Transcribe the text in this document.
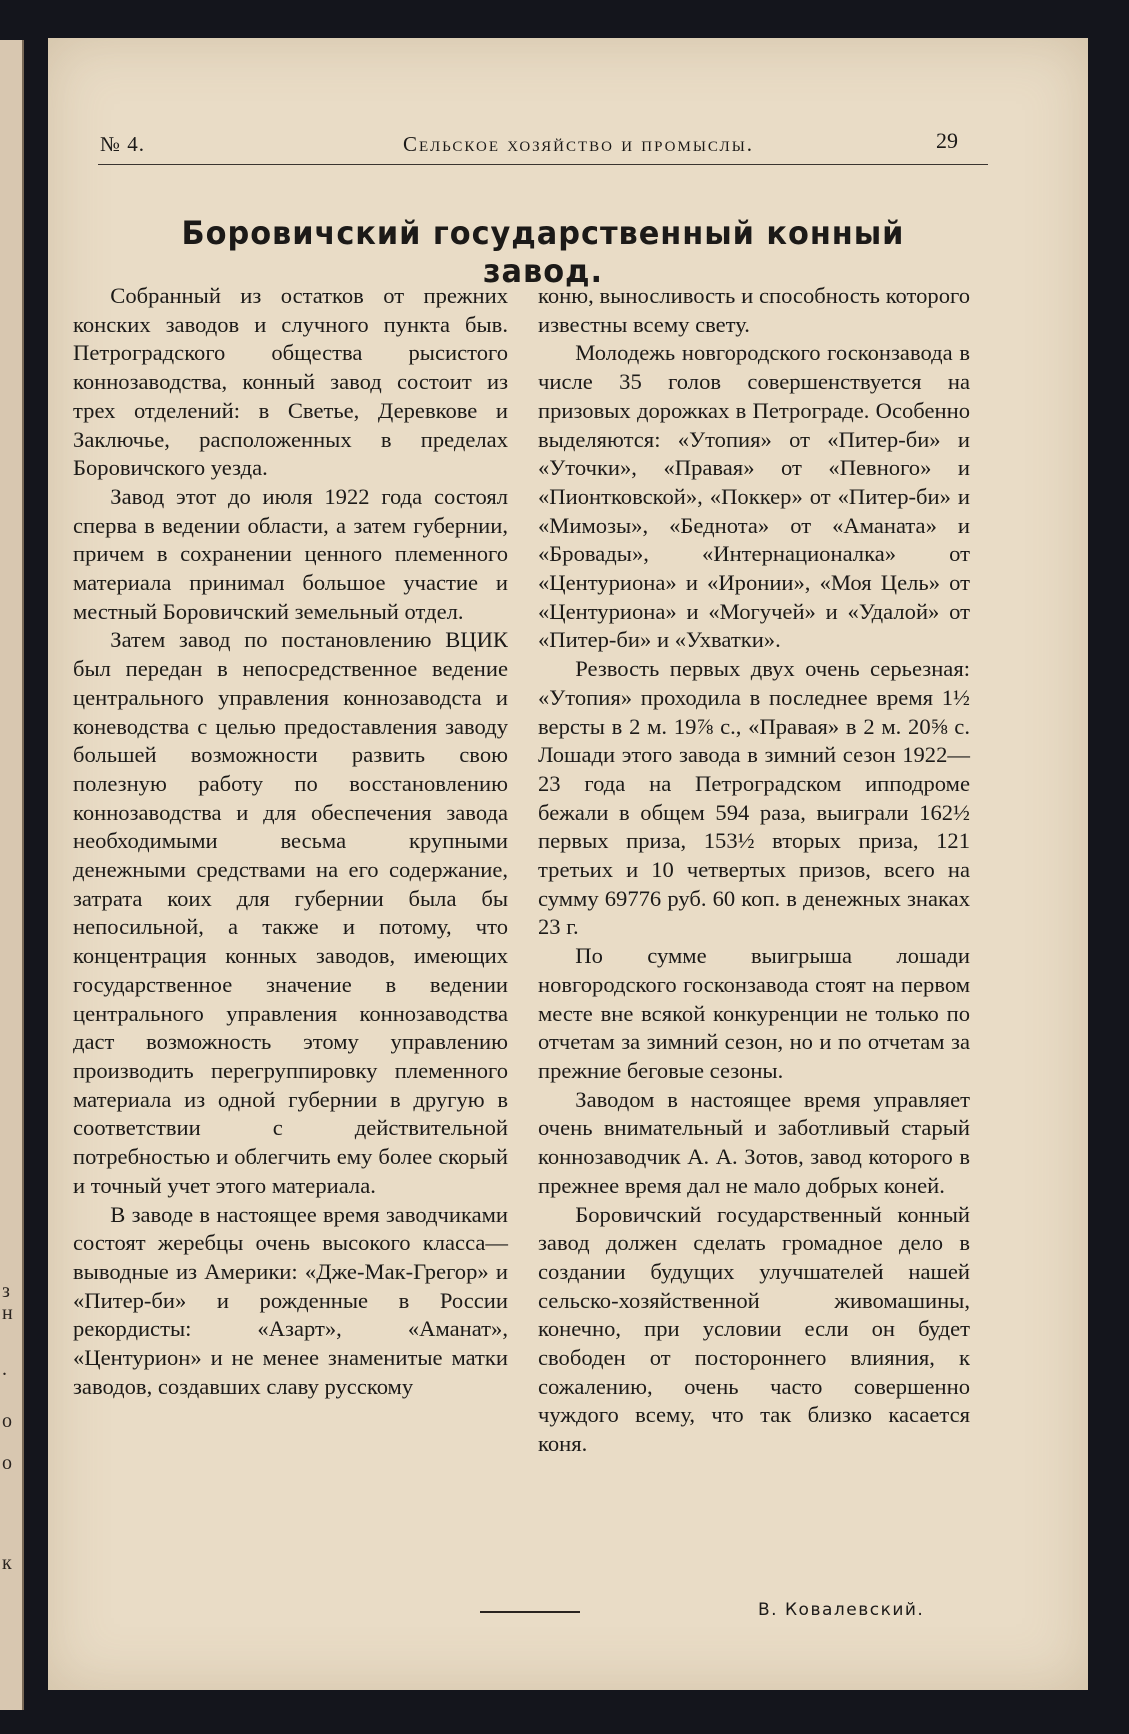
з
н
.
о
о
к
№ 4.	Сельское хозяйство и промыслы.	29
Боровичский государственный конный завод.

Собранный из остатков от прежних конских заводов и случного пункта быв. Петроградского общества рысистого коннозаводства, конный завод состоит из трех отделений: в Светье, Деревкове и Заключье, расположенных в пределах Боровичского уезда.

Завод этот до июля 1922 года состоял сперва в ведении области, а затем губернии, причем в сохранении ценного племенного материала принимал большое участие и местный Боровичский земельный отдел.

Затем завод по постановлению ВЦИК был передан в непосредственное ведение центрального управления коннозаводста и коневодства с целью предоставления заводу большей возможности развить свою полезную работу по восстановлению коннозаводства и для обеспечения завода необходимыми весьма крупными денежными средствами на его содержание, затрата коих для губернии была бы непосильной, а также и потому, что концентрация конных заводов, имеющих государственное значение в ведении центрального управления коннозаводства даст возможность этому управлению производить перегруппировку племенного материала из одной губернии в другую в соответствии с действительной потребностью и облегчить ему более скорый и точный учет этого материала.

В заводе в настоящее время заводчиками состоят жеребцы очень высокого класса—выводные из Америки: «Дже-Мак-Грегор» и «Питер-би» и рожденные в России рекордисты: «Азарт», «Аманат», «Центурион» и не менее знаменитые матки заводов, создавших славу русскому

коню, выносливость и способность которого известны всему свету.

Молодежь новгородского госконзавода в числе 35 голов совершенствуется на призовых дорожках в Петрограде. Особенно выделяются: «Утопия» от «Питер-би» и «Уточки», «Правая» от «Певного» и «Пионтковской», «Поккер» от «Питер-би» и «Мимозы», «Беднота» от «Аманата» и «Бровады», «Интернационалка» от «Центуриона» и «Иронии», «Моя Цель» от «Центуриона» и «Могучей» и «Удалой» от «Питер-би» и «Ухватки».

Резвость первых двух очень серьезная: «Утопия» проходила в последнее время 1½ версты в 2 м. 19⅞ с., «Правая» в 2 м. 20⅝ с. Лошади этого завода в зимний сезон 1922—23 года на Петроградском ипподроме бежали в общем 594 раза, выиграли 162½ первых приза, 153½ вторых приза, 121 третьих и 10 четвертых призов, всего на сумму 69776 руб. 60 коп. в денежных знаках 23 г.

По сумме выигрыша лошади новгородского госконзавода стоят на первом месте вне всякой конкуренции не только по отчетам за зимний сезон, но и по отчетам за прежние беговые сезоны.

Заводом в настоящее время управляет очень внимательный и заботливый старый коннозаводчик А. А. Зотов, завод которого в прежнее время дал не мало добрых коней.

Боровичский государственный конный завод должен сделать громадное дело в создании будущих улучшателей нашей сельско-хозяйственной живомашины, конечно, при условии если он будет свободен от постороннего влияния, к сожалению, очень часто совершенно чуждого всему, что так близко касается коня.

В. Ковалевский.
